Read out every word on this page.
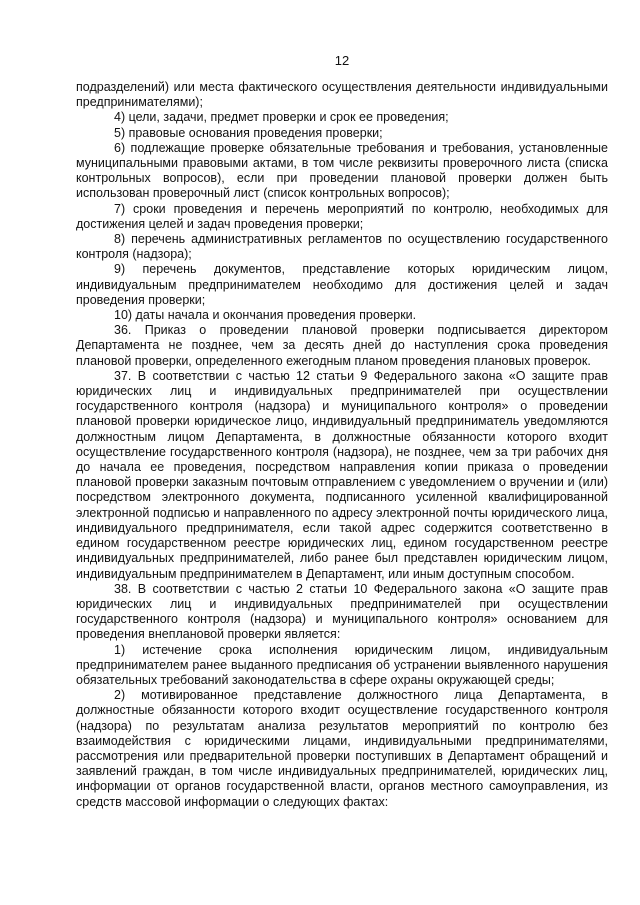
12

подразделений) или места фактического осуществления деятельности индивидуальными предпринимателями);

4) цели, задачи, предмет проверки и срок ее проведения;

5) правовые основания проведения проверки;

6) подлежащие проверке обязательные требования и требования, установленные муниципальными правовыми актами, в том числе реквизиты проверочного листа (списка контрольных вопросов), если при проведении плановой проверки должен быть использован проверочный лист (список контрольных вопросов);

7) сроки проведения и перечень мероприятий по контролю, необходимых для достижения целей и задач проведения проверки;

8) перечень административных регламентов по осуществлению государственного контроля (надзора);

9) перечень документов, представление которых юридическим лицом, индивидуальным предпринимателем необходимо для достижения целей и задач проведения проверки;

10) даты начала и окончания проведения проверки.

36. Приказ о проведении плановой проверки подписывается директором Департамента не позднее, чем за десять дней до наступления срока проведения плановой проверки, определенного ежегодным планом проведения плановых проверок.

37. В соответствии с частью 12 статьи 9 Федерального закона «О защите прав юридических лиц и индивидуальных предпринимателей при осуществлении государственного контроля (надзора) и муниципального контроля» о проведении плановой проверки юридическое лицо, индивидуальный предприниматель уведомляются должностным лицом Департамента, в должностные обязанности которого входит осуществление государственного контроля (надзора), не позднее, чем за три рабочих дня до начала ее проведения, посредством направления копии приказа о проведении плановой проверки заказным почтовым отправлением с уведомлением о вручении и (или) посредством электронного документа, подписанного усиленной квалифицированной электронной подписью и направленного по адресу электронной почты юридического лица, индивидуального предпринимателя, если такой адрес содержится соответственно в едином государственном реестре юридических лиц, едином государственном реестре индивидуальных предпринимателей, либо ранее был представлен юридическим лицом, индивидуальным предпринимателем в Департамент, или иным доступным способом.

38. В соответствии с частью 2 статьи 10 Федерального закона «О защите прав юридических лиц и индивидуальных предпринимателей при осуществлении государственного контроля (надзора) и муниципального контроля» основанием для проведения внеплановой проверки является:

1) истечение срока исполнения юридическим лицом, индивидуальным предпринимателем ранее выданного предписания об устранении выявленного нарушения обязательных требований законодательства в сфере охраны окружающей среды;

2) мотивированное представление должностного лица Департамента, в должностные обязанности которого входит осуществление государственного контроля (надзора) по результатам анализа результатов мероприятий по контролю без взаимодействия с юридическими лицами, индивидуальными предпринимателями, рассмотрения или предварительной проверки поступивших в Департамент обращений и заявлений граждан, в том числе индивидуальных предпринимателей, юридических лиц, информации от органов государственной власти, органов местного самоуправления, из средств массовой информации о следующих фактах:
